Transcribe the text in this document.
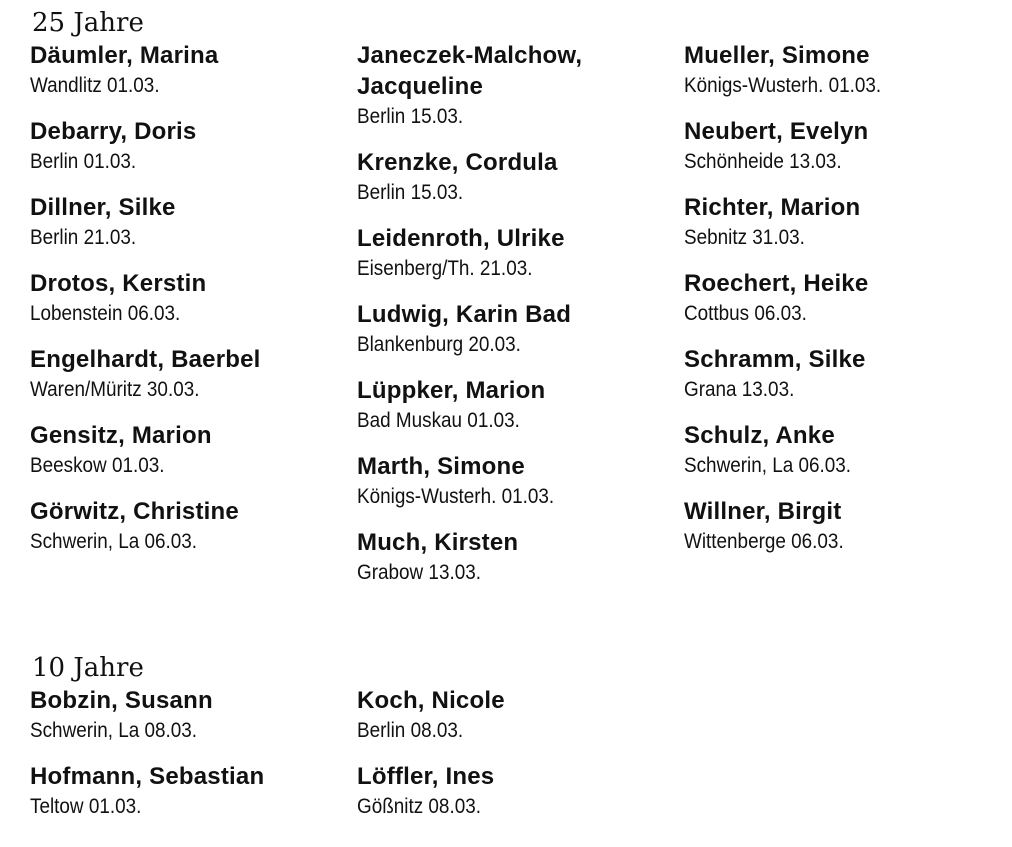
25 Jahre
Däumler, Marina
Wandlitz 01.03.
Debarry, Doris
Berlin 01.03.
Dillner, Silke
Berlin 21.03.
Drotos, Kerstin
Lobenstein 06.03.
Engelhardt, Baerbel
Waren/Müritz 30.03.
Gensitz, Marion
Beeskow 01.03.
Görwitz, Christine
Schwerin, La 06.03.
Janeczek-Malchow, Jacqueline
Berlin 15.03.
Krenzke, Cordula
Berlin 15.03.
Leidenroth, Ulrike
Eisenberg/Th. 21.03.
Ludwig, Karin Bad
Blankenburg 20.03.
Lüppker, Marion
Bad Muskau 01.03.
Marth, Simone
Königs-Wusterh. 01.03.
Much, Kirsten
Grabow 13.03.
Mueller, Simone
Königs-Wusterh. 01.03.
Neubert, Evelyn
Schönheide 13.03.
Richter, Marion
Sebnitz 31.03.
Roechert, Heike
Cottbus 06.03.
Schramm, Silke
Grana 13.03.
Schulz, Anke
Schwerin, La 06.03.
Willner, Birgit
Wittenberge 06.03.
10 Jahre
Bobzin, Susann
Schwerin, La 08.03.
Hofmann, Sebastian
Teltow 01.03.
Koch, Nicole
Berlin 08.03.
Löffler, Ines
Gößnitz 08.03.
